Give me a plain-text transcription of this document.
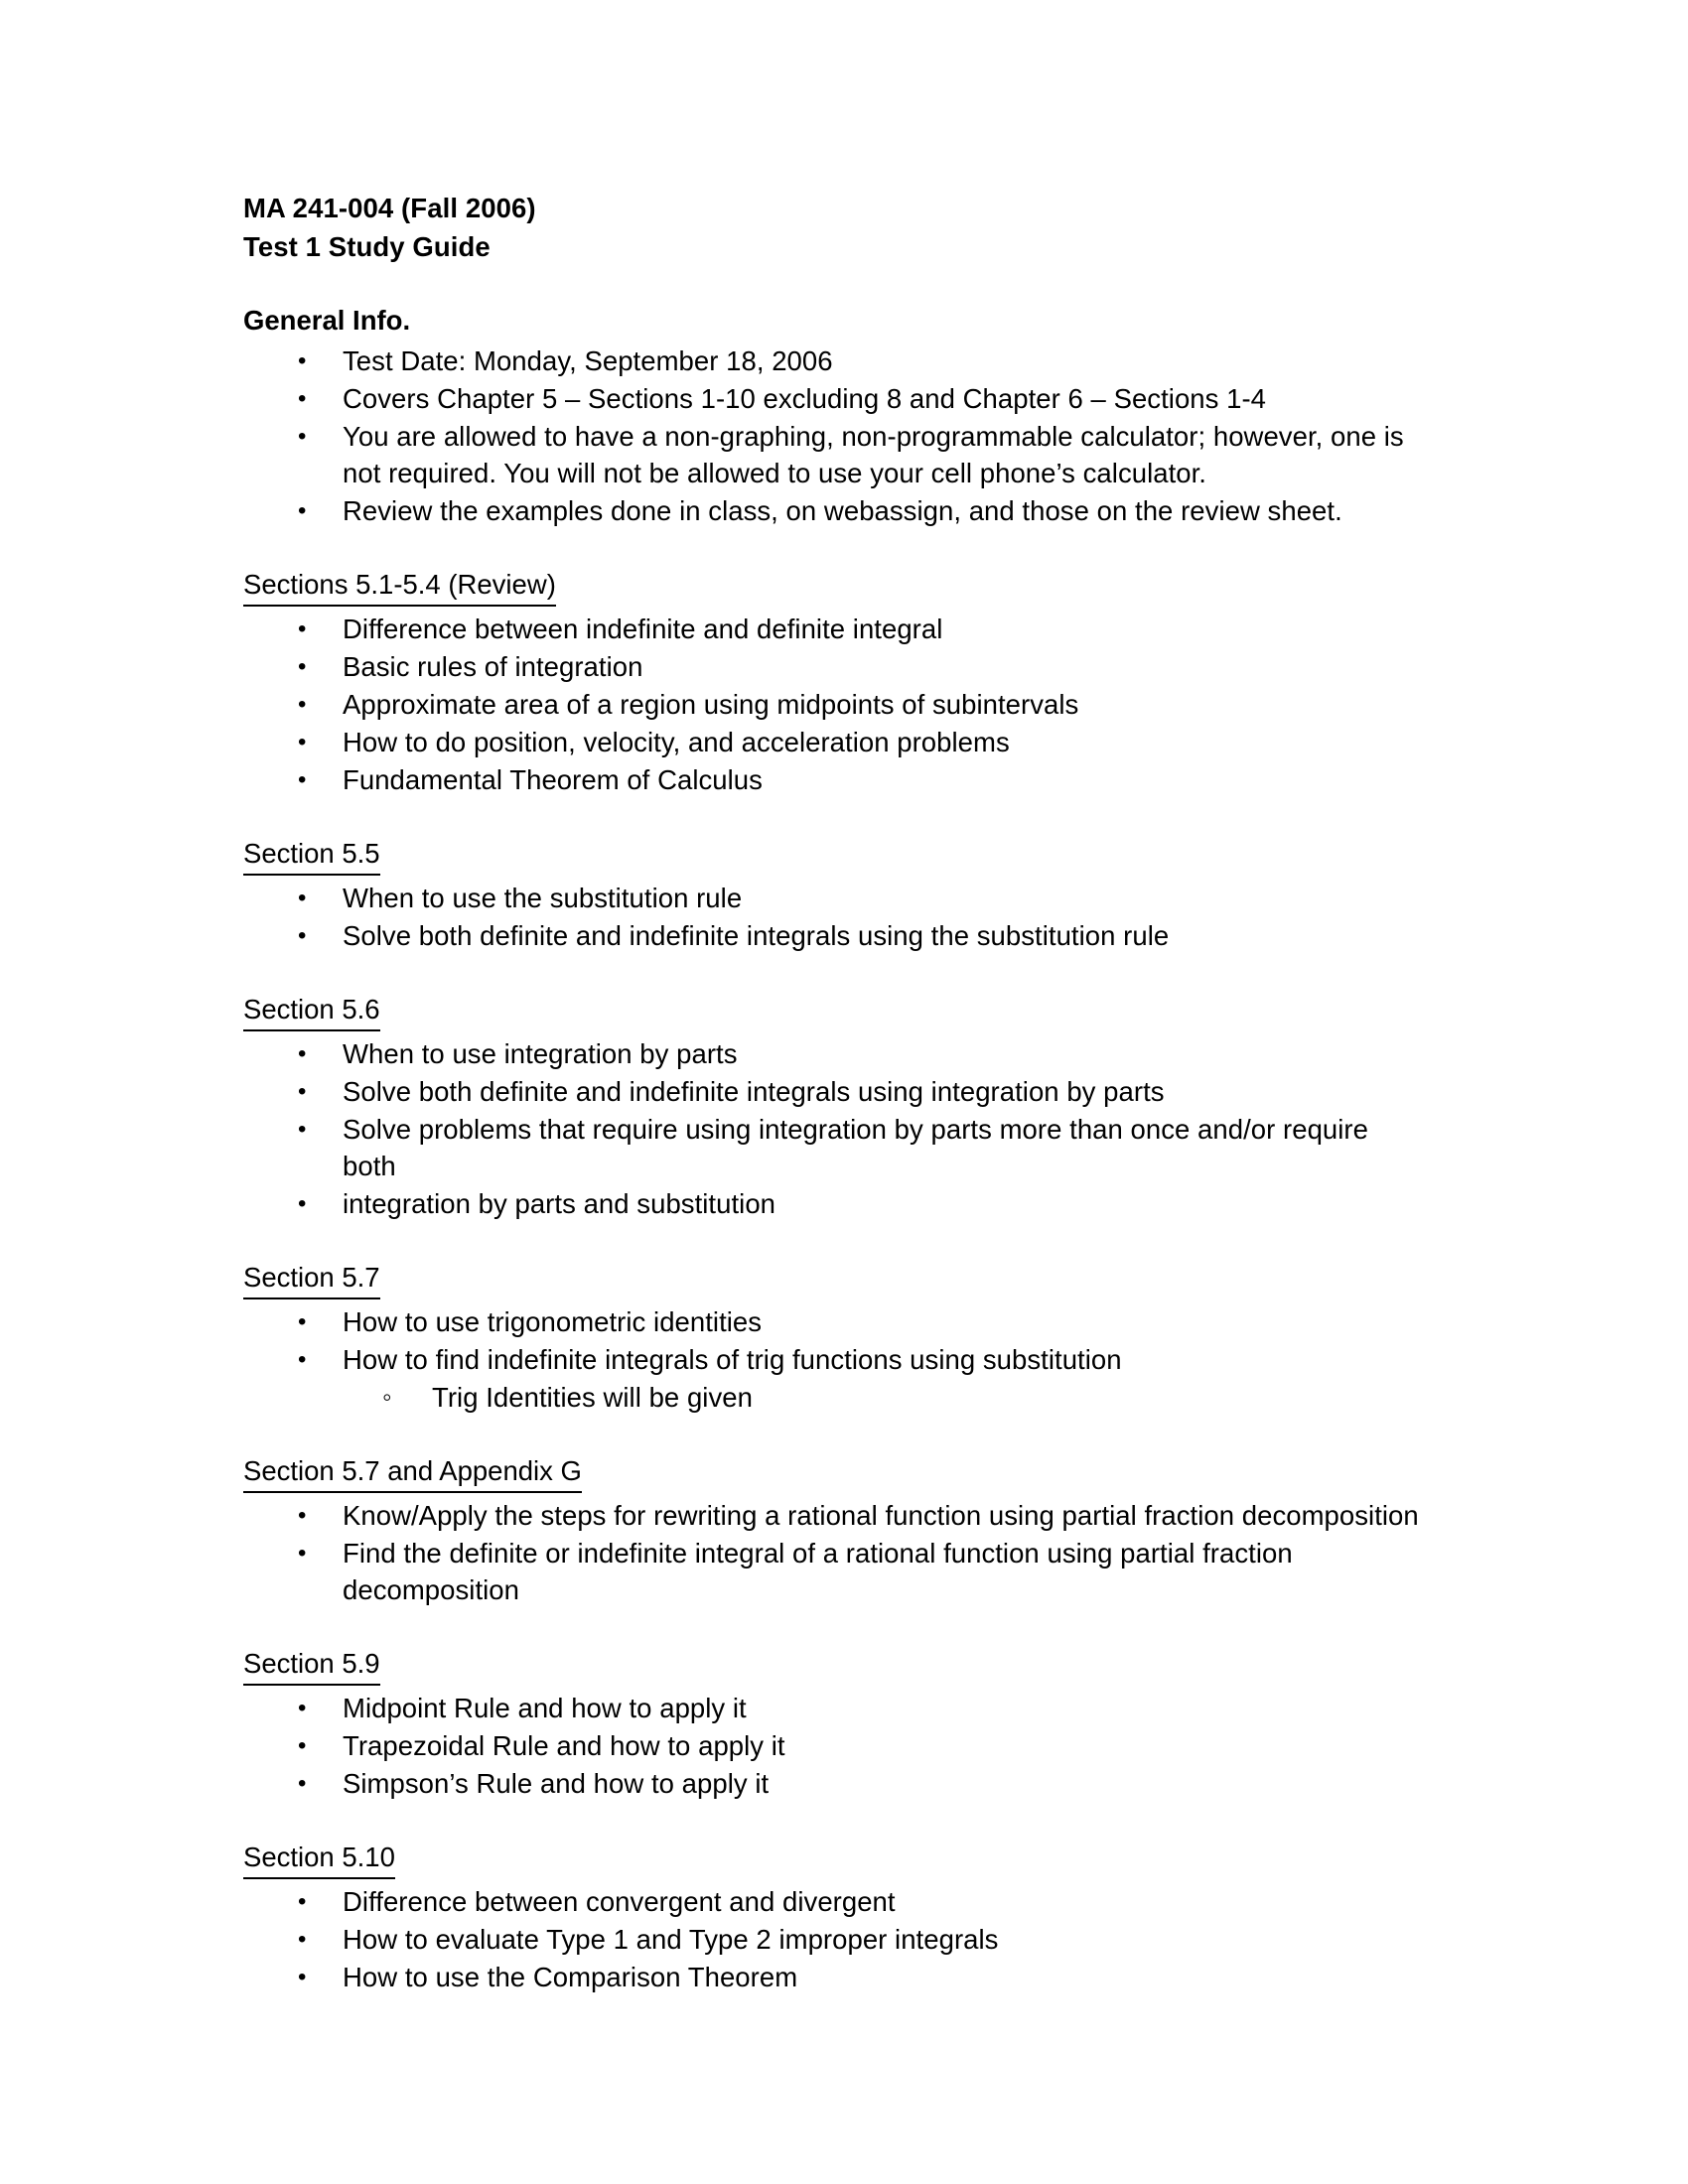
MA 241-004 (Fall 2006)
Test 1 Study Guide
General Info.
•
Test Date: Monday, September 18, 2006
•
Covers Chapter 5 – Sections 1-10 excluding 8 and Chapter 6 – Sections 1-4
•
You are allowed to have a non-graphing, non-programmable calculator; however, one is not required. You will not be allowed to use your cell phone’s calculator.
•
Review the examples done in class, on webassign, and those on the review sheet.
Sections 5.1-5.4 (Review)
•
Difference between indefinite and definite integral
•
Basic rules of integration
•
Approximate area of a region using midpoints of subintervals
•
How to do position, velocity, and acceleration problems
•
Fundamental Theorem of Calculus
Section 5.5
•
When to use the substitution rule
•
Solve both definite and indefinite integrals using the substitution rule
Section 5.6
•
When to use integration by parts
•
Solve both definite and indefinite integrals using integration by parts
•
Solve problems that require using integration by parts more than once and/or require both
•
integration by parts and substitution
Section 5.7
•
How to use trigonometric identities
•
How to find indefinite integrals of trig functions using substitution
◦
Trig Identities will be given
Section 5.7 and Appendix G
•
Know/Apply the steps for rewriting a rational function using partial fraction decomposition
•
Find the definite or indefinite integral of a rational function using partial fraction decomposition
Section 5.9
•
Midpoint Rule and how to apply it
•
Trapezoidal Rule and how to apply it
•
Simpson’s Rule and how to apply it
Section 5.10
•
Difference between convergent and divergent
•
How to evaluate Type 1 and Type 2 improper integrals
•
How to use the Comparison Theorem
